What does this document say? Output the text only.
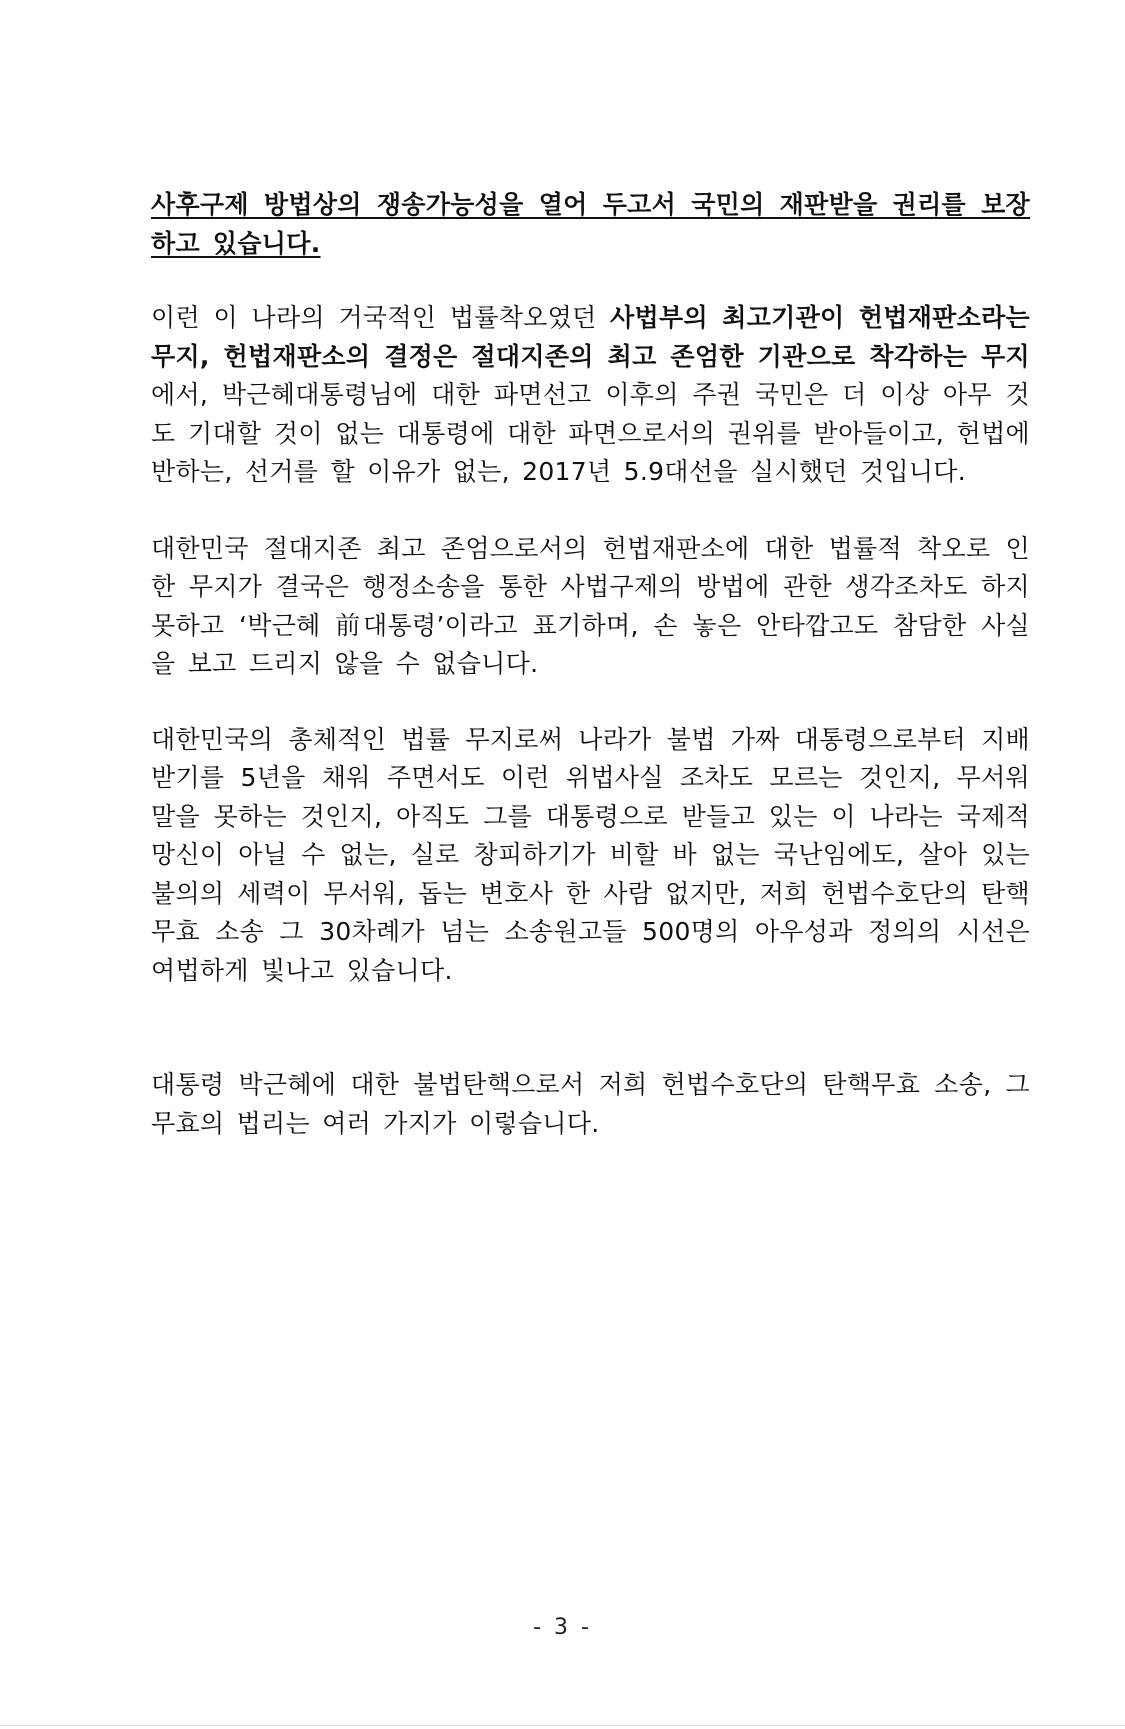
사후구제 방법상의 쟁송가능성을 열어 두고서 국민의 재판받을 권리를 보장하고 있습니다.

이런 이 나라의 거국적인 법률착오였던 사법부의 최고기관이 헌법재판소라는 무지, 헌법재판소의 결정은 절대지존의 최고 존엄한 기관으로 착각하는 무지에서, 박근혜대통령님에 대한 파면선고 이후의 주권 국민은 더 이상 아무 것도 기대할 것이 없는 대통령에 대한 파면으로서의 권위를 받아들이고, 헌법에 반하는, 선거를 할 이유가 없는, 2017년 5.9대선을 실시했던 것입니다.

대한민국 절대지존 최고 존엄으로서의 헌법재판소에 대한 법률적 착오로 인한 무지가 결국은 행정소송을 통한 사법구제의 방법에 관한 생각조차도 하지 못하고 ‘박근혜 前대통령’이라고 표기하며, 손 놓은 안타깝고도 참담한 사실을 보고 드리지 않을 수 없습니다.

대한민국의 총체적인 법률 무지로써 나라가 불법 가짜 대통령으로부터 지배받기를 5년을 채워 주면서도 이런 위법사실 조차도 모르는 것인지, 무서워 말을 못하는 것인지, 아직도 그를 대통령으로 받들고 있는 이 나라는 국제적 망신이 아닐 수 없는, 실로 창피하기가 비할 바 없는 국난임에도, 살아 있는 불의의 세력이 무서워, 돕는 변호사 한 사람 없지만, 저희 헌법수호단의 탄핵무효 소송 그 30차례가 넘는 소송원고들 500명의 아우성과 정의의 시선은 여법하게 빛나고 있습니다.

대통령 박근혜에 대한 불법탄핵으로서 저희 헌법수호단의 탄핵무효 소송, 그 무효의 법리는 여러 가지가 이렇습니다.

- 3 -
